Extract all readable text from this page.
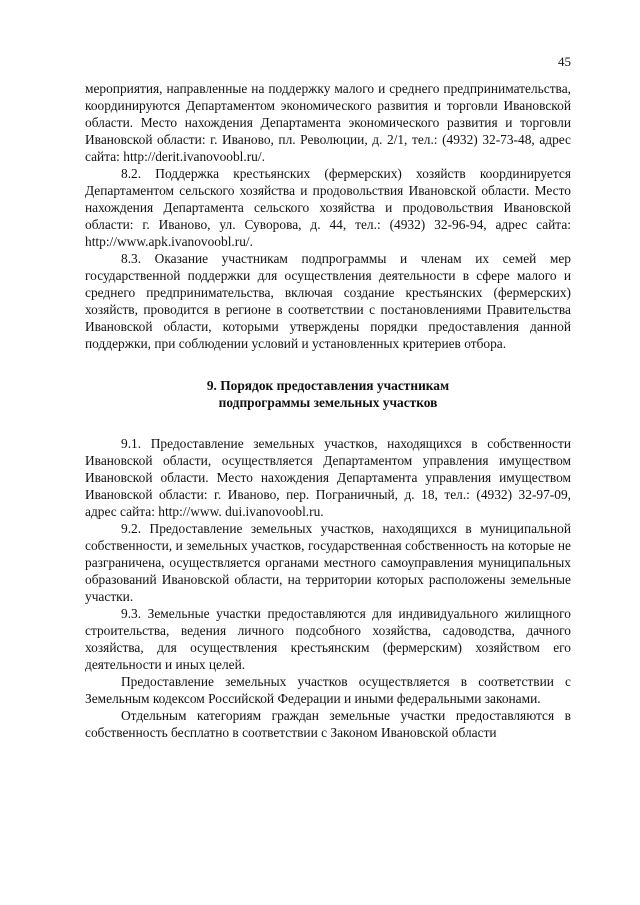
45

мероприятия, направленные на поддержку малого и среднего предпринимательства, координируются Департаментом экономического развития и торговли Ивановской области. Место нахождения Департамента экономического развития и торговли Ивановской области: г. Иваново, пл. Революции, д. 2/1, тел.: (4932) 32-73-48, адрес сайта: http://derit.ivanovoobl.ru/.

8.2. Поддержка крестьянских (фермерских) хозяйств координируется Департаментом сельского хозяйства и продовольствия Ивановской области. Место нахождения Департамента сельского хозяйства и продовольствия Ивановской области: г. Иваново, ул. Суворова, д. 44, тел.: (4932) 32-96-94, адрес сайта: http://www.apk.ivanovoobl.ru/.

8.3. Оказание участникам подпрограммы и членам их семей мер государственной поддержки для осуществления деятельности в сфере малого и среднего предпринимательства, включая создание крестьянских (фермерских) хозяйств, проводится в регионе в соответствии с постановлениями Правительства Ивановской области, которыми утверждены порядки предоставления данной поддержки, при соблюдении условий и установленных критериев отбора.

9. Порядок предоставления участникам
подпрограммы земельных участков

9.1. Предоставление земельных участков, находящихся в собственности Ивановской области, осуществляется Департаментом управления имуществом Ивановской области. Место нахождения Департамента управления имуществом Ивановской области: г. Иваново, пер. Пограничный, д. 18, тел.: (4932) 32-97-09, адрес сайта: http://www. dui.ivanovoobl.ru.

9.2. Предоставление земельных участков, находящихся в муниципальной собственности, и земельных участков, государственная собственность на которые не разграничена, осуществляется органами местного самоуправления муниципальных образований Ивановской области, на территории которых расположены земельные участки.

9.3. Земельные участки предоставляются для индивидуального жилищного строительства, ведения личного подсобного хозяйства, садоводства, дачного хозяйства, для осуществления крестьянским (фермерским) хозяйством его деятельности и иных целей.

Предоставление земельных участков осуществляется в соответствии с Земельным кодексом Российской Федерации и иными федеральными законами.

Отдельным категориям граждан земельные участки предоставляются в собственность бесплатно в соответствии с Законом Ивановской области
